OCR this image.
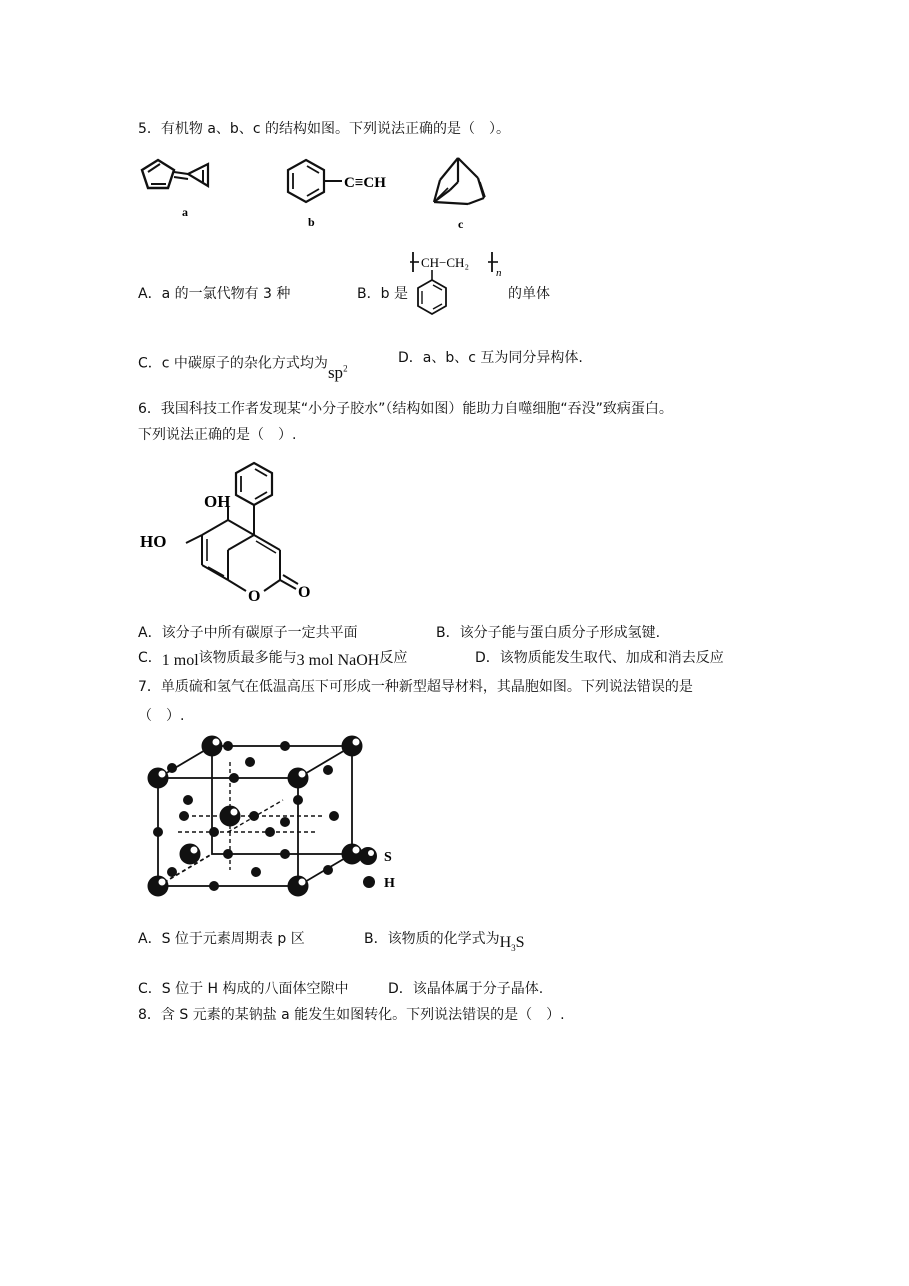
5．有机物 a、b、c 的结构如图。下列说法正确的是（　）。
a
C≡CH
b	c
A．a 的一氯代物有 3 种	B．b 是
CH−CH₂
n
的单体
C．c 中碳原子的杂化方式均为$sp^2$
D．a、b、c 互为同分异构体.
6．我国科技工作者发现某“小分子胶水”（结构如图）能助力自噬细胞“吞没”致病蛋白。
下列说法正确的是（　）.
O O
OH
HO
A．该分子中所有碳原子一定共平面	B．该分子能与蛋白质分子形成氢键.
C．1 mol该物质最多能与3 mol NaOH反应	D．该物质能发生取代、加成和消去反应
7．单质硫和氢气在低温高压下可形成一种新型超导材料，其晶胞如图。下列说法错误的是
（　）.
S
H
A．S 位于元素周期表 p 区	B．该物质的化学式为$H_3S$
C．S 位于 H 构成的八面体空隙中	D．该晶体属于分子晶体.
8．含 S 元素的某钠盐 a 能发生如图转化。下列说法错误的是（　）.
